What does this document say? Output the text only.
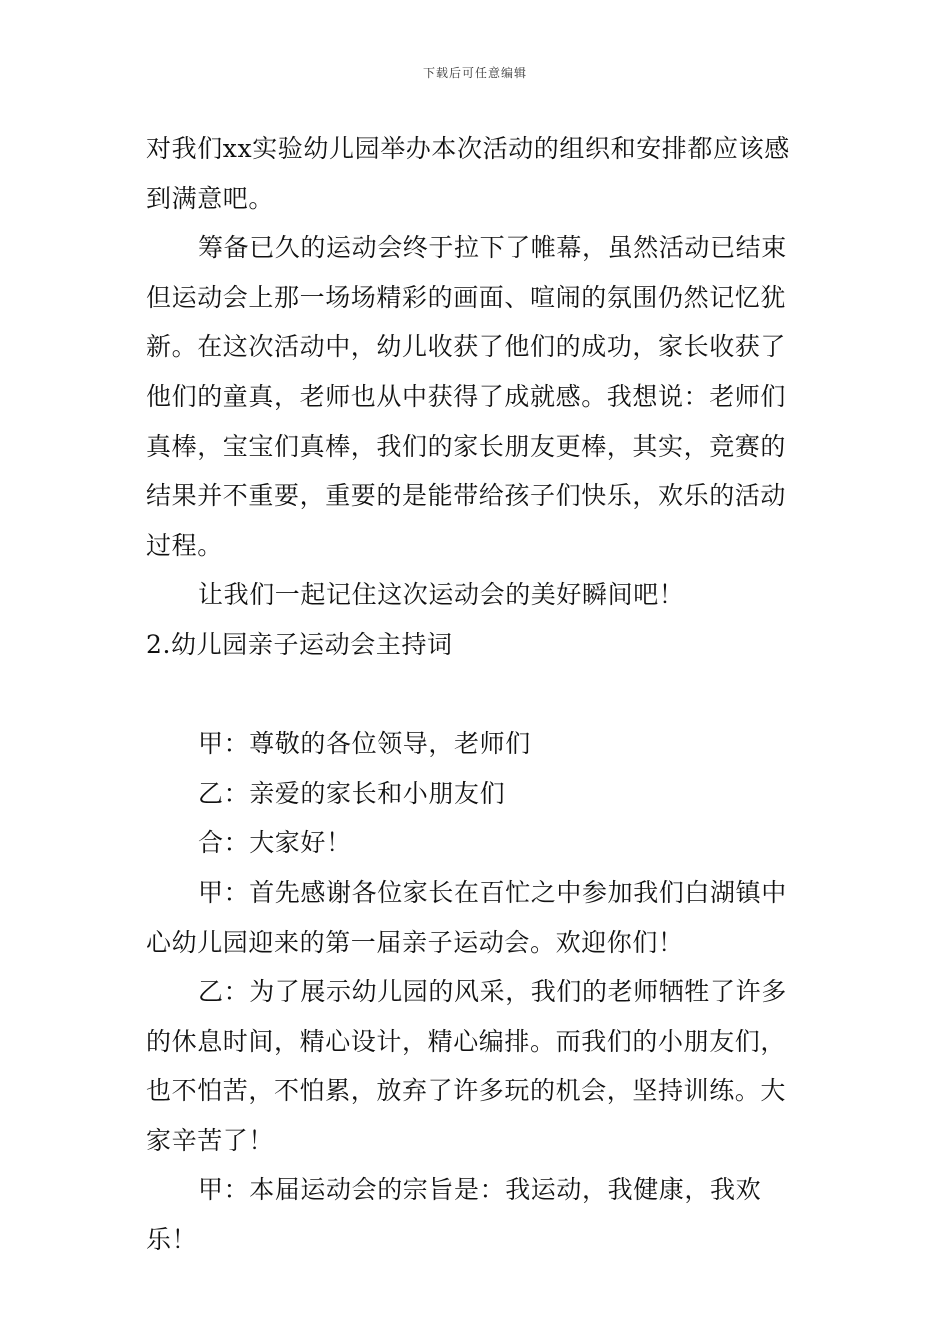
下载后可任意编辑

对我们xx实验幼儿园举办本次活动的组织和安排都应该感到满意吧。

筹备已久的运动会终于拉下了帷幕，虽然活动已结束但运动会上那一场场精彩的画面、喧闹的氛围仍然记忆犹新。在这次活动中，幼儿收获了他们的成功，家长收获了他们的童真，老师也从中获得了成就感。我想说：老师们真棒，宝宝们真棒，我们的家长朋友更棒，其实，竞赛的结果并不重要，重要的是能带给孩子们快乐，欢乐的活动过程。

让我们一起记住这次运动会的美好瞬间吧！

2.幼儿园亲子运动会主持词

甲：尊敬的各位领导，老师们

乙：亲爱的家长和小朋友们

合：大家好！

甲：首先感谢各位家长在百忙之中参加我们白湖镇中心幼儿园迎来的第一届亲子运动会。欢迎你们！

乙：为了展示幼儿园的风采，我们的老师牺牲了许多的休息时间，精心设计，精心编排。而我们的小朋友们，也不怕苦，不怕累，放弃了许多玩的机会，坚持训练。大家辛苦了！

甲：本届运动会的宗旨是：我运动，我健康，我欢乐！
